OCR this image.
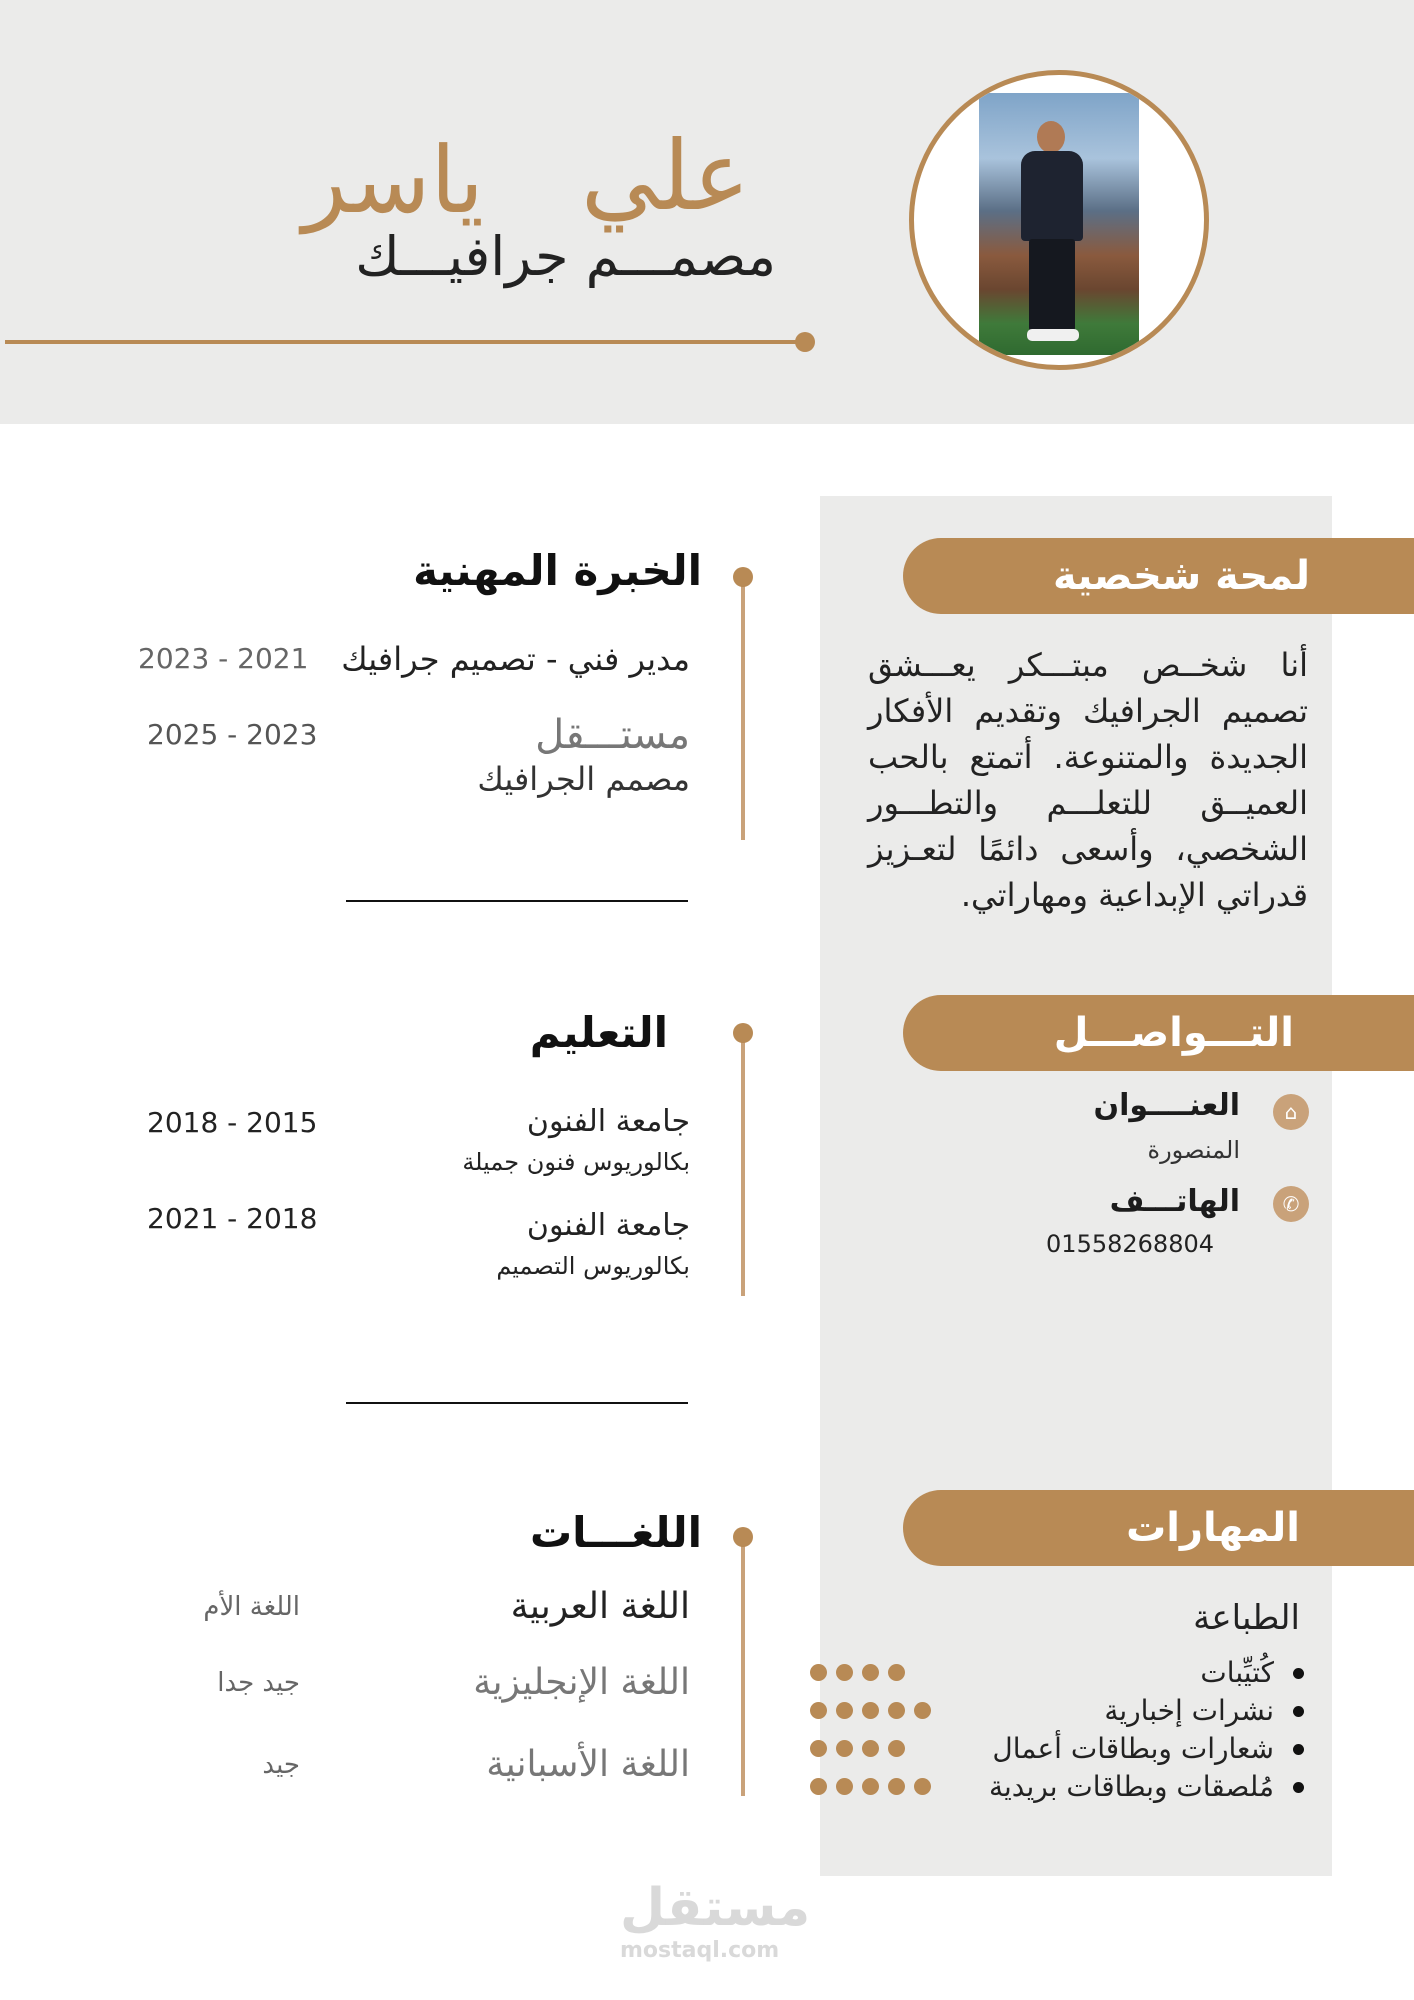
علي
ياسر
مصمـــم جرافيـــك
لمحة شخصية
أنا شخــص مبتـــكر يعـــشق تصميم الجرافيك وتقديم الأفكار الجديدة والمتنوعة. أتمتع بالحب العميــق للتعلـــم والتطـــور الشخصي، وأسعى دائمًا لتعـزيز قدراتي الإبداعية ومهاراتي.
التـــواصـــل
⌂
العنــــوان
المنصورة
✆
الهاتـــف
01558268804
المهارات
الطباعة
كُتيِّبات
نشرات إخبارية
شعارات وبطاقات أعمال
مُلصقات وبطاقات بريدية
الخبرة المهنية
مدير فني - تصميم جرافيك
2023 - 2021
مستـــقل
مصمم الجرافيك
2025 - 2023
التعليم
جامعة الفنون
بكالوريوس فنون جميلة
2018 - 2015
جامعة الفنون
بكالوريوس التصميم
2021 - 2018
اللغـــات
اللغة العربية
اللغة الأم
اللغة الإنجليزية
جيد جدا
اللغة الأسبانية
جيد
مستقل
mostaql.com
